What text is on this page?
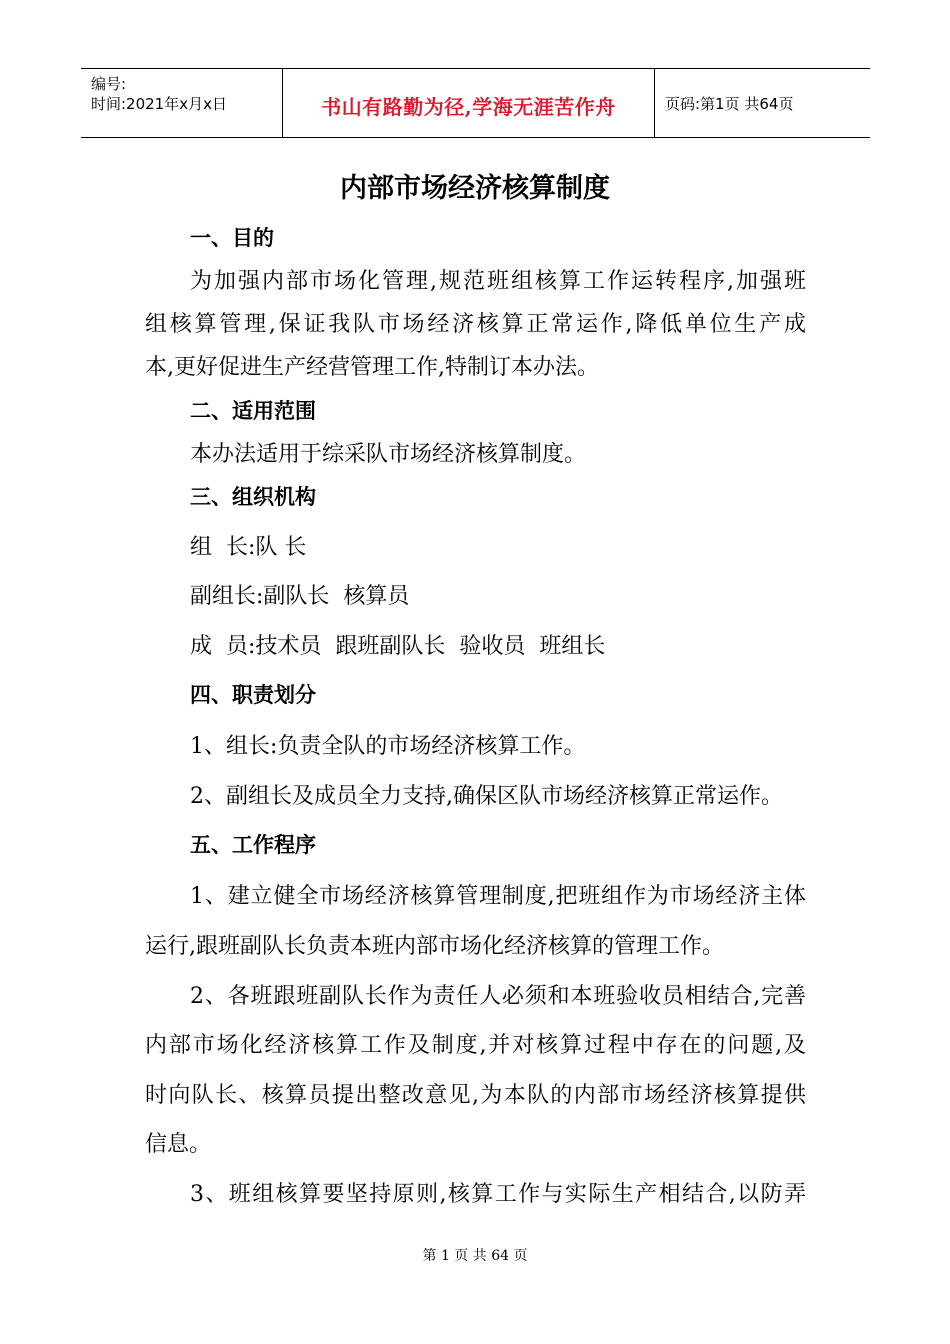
编号:
时间:2021年x月x日	书山有路勤为径,学海无涯苦作舟	页码:第1页 共64页
内部市场经济核算制度
一、目的
为加强内部市场化管理,规范班组核算工作运转程序,加强班
组核算管理,保证我队市场经济核算正常运作,降低单位生产成
本,更好促进生产经营管理工作,特制订本办法。
二、适用范围
本办法适用于综采队市场经济核算制度。
三、组织机构
组  长:队 长
副组长:副队长  核算员
成  员:技术员  跟班副队长  验收员  班组长
四、职责划分
1、组长:负责全队的市场经济核算工作。
2、副组长及成员全力支持,确保区队市场经济核算正常运作。
五、工作程序
1、建立健全市场经济核算管理制度,把班组作为市场经济主体
运行,跟班副队长负责本班内部市场化经济核算的管理工作。
2、各班跟班副队长作为责任人必须和本班验收员相结合,完善
内部市场化经济核算工作及制度,并对核算过程中存在的问题,及
时向队长、核算员提出整改意见,为本队的内部市场经济核算提供
信息。
3、班组核算要坚持原则,核算工作与实际生产相结合,以防弄
第 1 页 共 64 页
